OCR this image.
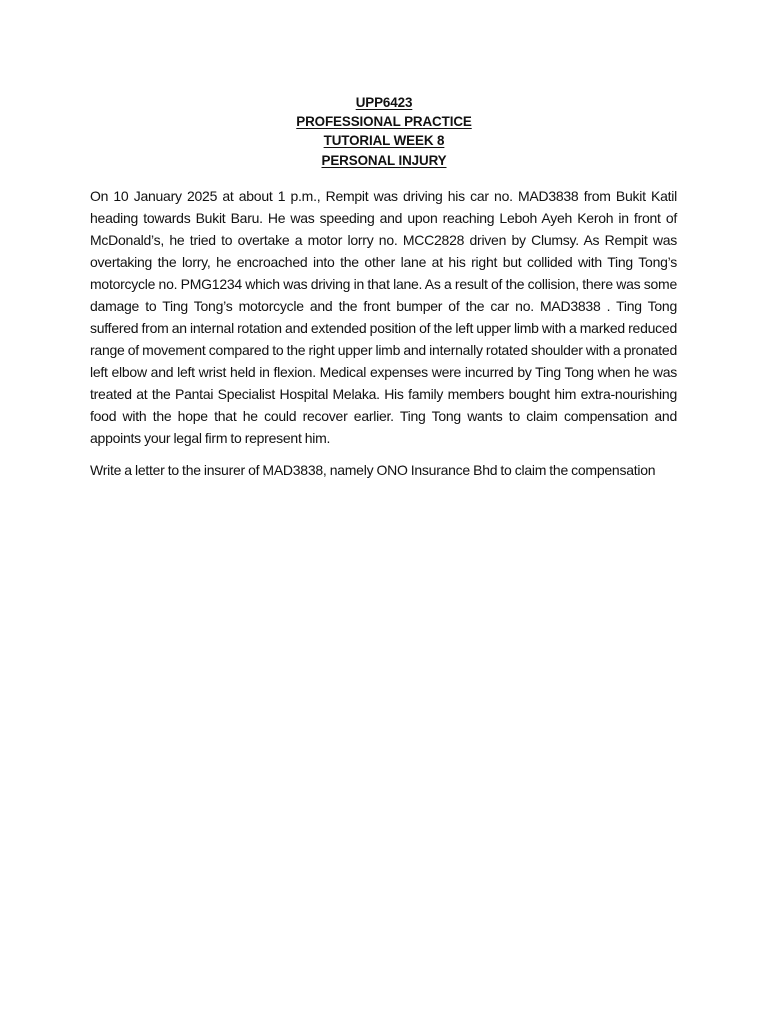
UPP6423
PROFESSIONAL PRACTICE
TUTORIAL WEEK 8
PERSONAL INJURY

On 10 January 2025 at about 1 p.m., Rempit was driving his car no. MAD3838 from Bukit Katil heading towards Bukit Baru. He was speeding and upon reaching Leboh Ayeh Keroh in front of McDonald’s, he tried to overtake a motor lorry no. MCC2828 driven by Clumsy. As Rempit was overtaking the lorry, he encroached into the other lane at his right but collided with Ting Tong’s motorcycle no. PMG1234 which was driving in that lane. As a result of the collision, there was some damage to Ting Tong’s motorcycle and the front bumper of the car no. MAD3838 . Ting Tong suffered from an internal rotation and extended position of the left upper limb with a marked reduced range of movement compared to the right upper limb and internally rotated shoulder with a pronated left elbow and left wrist held in flexion. Medical expenses were incurred by Ting Tong when he was treated at the Pantai Specialist Hospital Melaka. His family members bought him extra-nourishing food with the hope that he could recover earlier. Ting Tong wants to claim compensation and appoints your legal firm to represent him.

Write a letter to the insurer of MAD3838, namely ONO Insurance Bhd to claim the compensation
